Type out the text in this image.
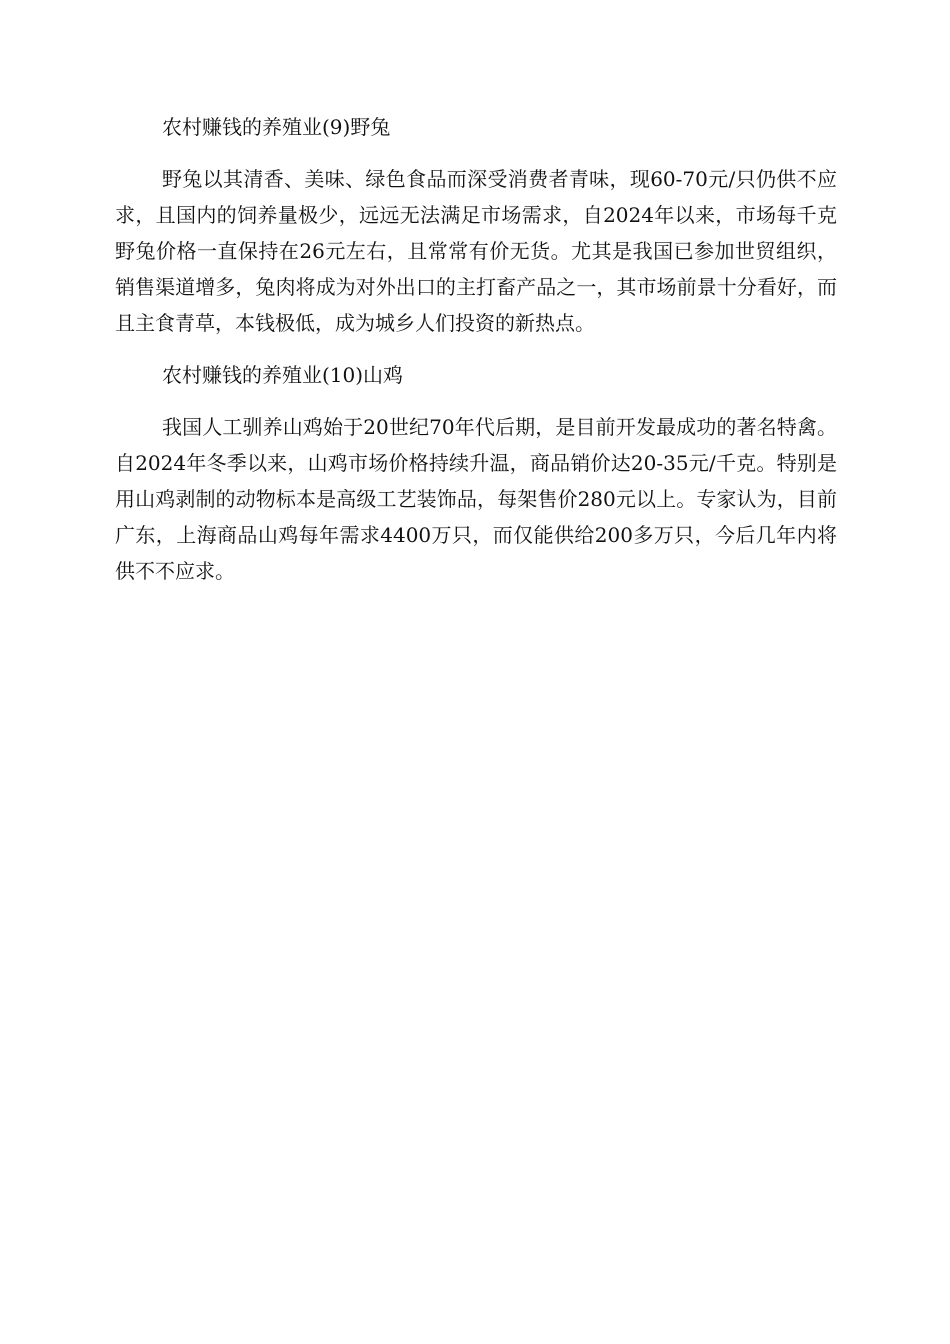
农村赚钱的养殖业(9)野兔

野兔以其清香、美味、绿色食品而深受消费者青味，现60-70元/只仍供不应求，且国内的饲养量极少，远远无法满足市场需求，自2024年以来，市场每千克野兔价格一直保持在26元左右，且常常有价无货。尤其是我国已参加世贸组织，销售渠道增多，兔肉将成为对外出口的主打畜产品之一，其市场前景十分看好，而且主食青草，本钱极低，成为城乡人们投资的新热点。

农村赚钱的养殖业(10)山鸡

我国人工驯养山鸡始于20世纪70年代后期，是目前开发最成功的著名特禽。自2024年冬季以来，山鸡市场价格持续升温，商品销价达20-35元/千克。特别是用山鸡剥制的动物标本是高级工艺装饰品，每架售价280元以上。专家认为，目前广东，上海商品山鸡每年需求4400万只，而仅能供给200多万只，今后几年内将供不不应求。
